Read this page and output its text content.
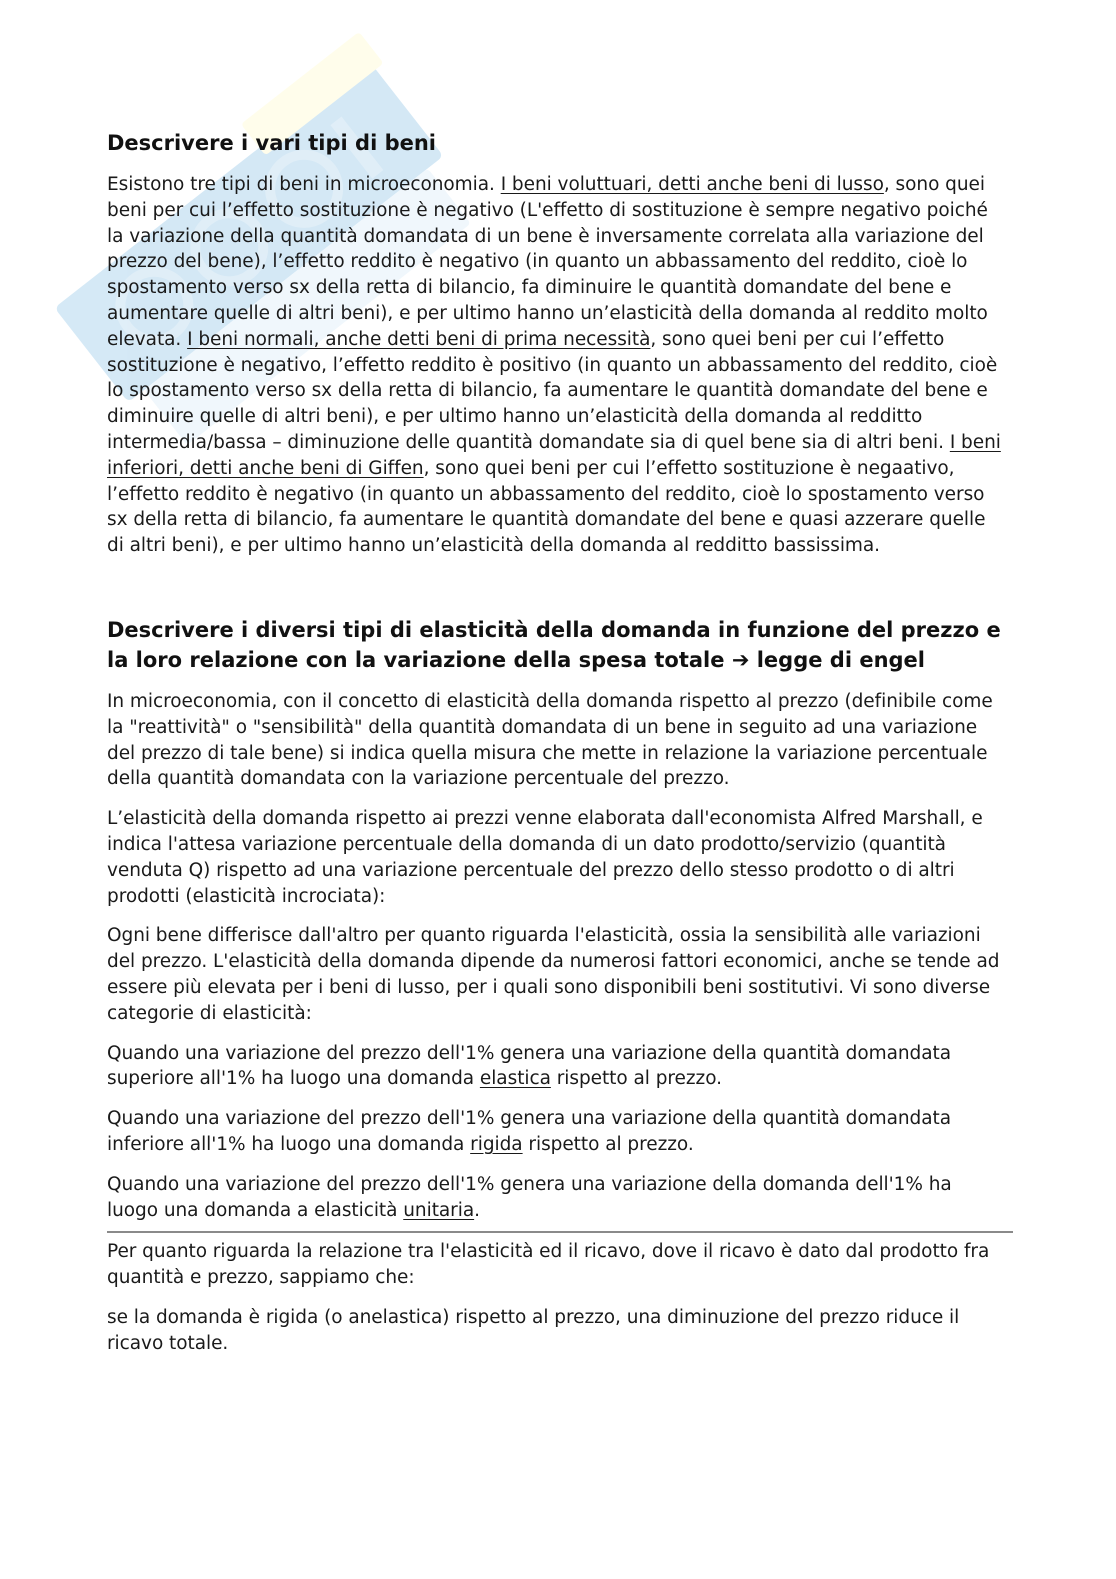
Descrivere i vari tipi di beni

Esistono tre tipi di beni in microeconomia. I beni voluttuari, detti anche beni di lusso, sono quei beni per cui l’effetto sostituzione è negativo (L'effetto di sostituzione è sempre negativo poiché la variazione della quantità domandata di un bene è inversamente correlata alla variazione del prezzo del bene), l’effetto reddito è negativo (in quanto un abbassamento del reddito, cioè lo spostamento verso sx della retta di bilancio, fa diminuire le quantità domandate del bene e aumentare quelle di altri beni), e per ultimo hanno un’elasticità della domanda al reddito molto elevata. I beni normali, anche detti beni di prima necessità, sono quei beni per cui l’effetto sostituzione è negativo, l’effetto reddito è positivo (in quanto un abbassamento del reddito, cioè lo spostamento verso sx della retta di bilancio, fa aumentare le quantità domandate del bene e diminuire quelle di altri beni), e per ultimo hanno un’elasticità della domanda al redditto intermedia/bassa – diminuzione delle quantità domandate sia di quel bene sia di altri beni. I beni inferiori, detti anche beni di Giffen, sono quei beni per cui l’effetto sostituzione è negaativo, l’effetto reddito è negativo (in quanto un abbassamento del reddito, cioè lo spostamento verso sx della retta di bilancio, fa aumentare le quantità domandate del bene e quasi azzerare quelle di altri beni), e per ultimo hanno un’elasticità della domanda al redditto bassissima.

Descrivere i diversi tipi di elasticità della domanda in funzione del prezzo e la loro relazione con la variazione della spesa totale ➔ legge di engel

In microeconomia, con il concetto di elasticità della domanda rispetto al prezzo (definibile come la "reattività" o "sensibilità" della quantità domandata di un bene in seguito ad una variazione del prezzo di tale bene) si indica quella misura che mette in relazione la variazione percentuale della quantità domandata con la variazione percentuale del prezzo.

L’elasticità della domanda rispetto ai prezzi venne elaborata dall'economista Alfred Marshall, e indica l'attesa variazione percentuale della domanda di un dato prodotto/servizio (quantità venduta Q) rispetto ad una variazione percentuale del prezzo dello stesso prodotto o di altri prodotti (elasticità incrociata):

Ogni bene differisce dall'altro per quanto riguarda l'elasticità, ossia la sensibilità alle variazioni del prezzo. L'elasticità della domanda dipende da numerosi fattori economici, anche se tende ad essere più elevata per i beni di lusso, per i quali sono disponibili beni sostitutivi. Vi sono diverse categorie di elasticità:

Quando una variazione del prezzo dell'1% genera una variazione della quantità domandata superiore all'1% ha luogo una domanda elastica rispetto al prezzo.

Quando una variazione del prezzo dell'1% genera una variazione della quantità domandata inferiore all'1% ha luogo una domanda rigida rispetto al prezzo.

Quando una variazione del prezzo dell'1% genera una variazione della domanda dell'1% ha luogo una domanda a elasticità unitaria.

Per quanto riguarda la relazione tra l'elasticità ed il ricavo, dove il ricavo è dato dal prodotto fra quantità e prezzo, sappiamo che:

se la domanda è rigida (o anelastica) rispetto al prezzo, una diminuzione del prezzo riduce il ricavo totale.
